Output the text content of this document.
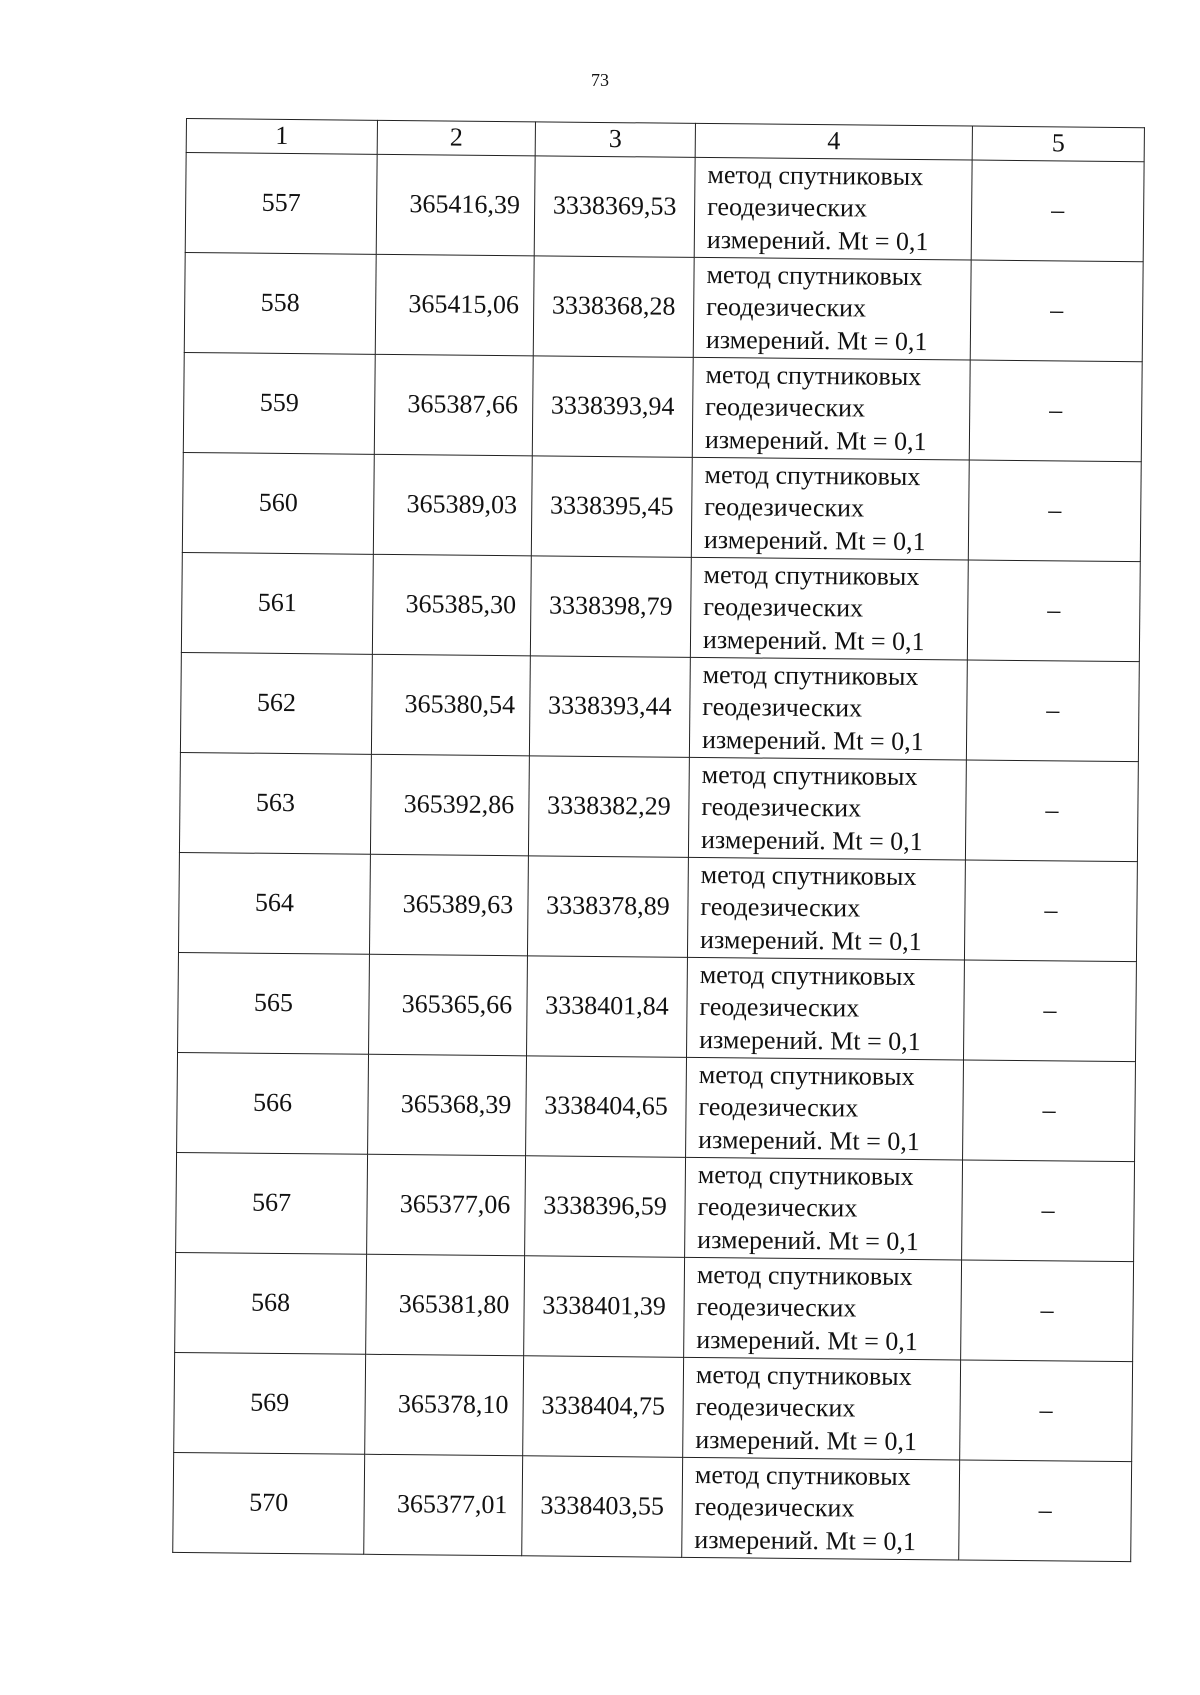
73
1	2	3	4	5
557	365416,39	3338369,53	метод спутниковых
геодезических
измерений. Mt = 0,1	–
558	365415,06	3338368,28	метод спутниковых
геодезических
измерений. Mt = 0,1	–
559	365387,66	3338393,94	метод спутниковых
геодезических
измерений. Mt = 0,1	–
560	365389,03	3338395,45	метод спутниковых
геодезических
измерений. Mt = 0,1	–
561	365385,30	3338398,79	метод спутниковых
геодезических
измерений. Mt = 0,1	–
562	365380,54	3338393,44	метод спутниковых
геодезических
измерений. Mt = 0,1	–
563	365392,86	3338382,29	метод спутниковых
геодезических
измерений. Mt = 0,1	–
564	365389,63	3338378,89	метод спутниковых
геодезических
измерений. Mt = 0,1	–
565	365365,66	3338401,84	метод спутниковых
геодезических
измерений. Mt = 0,1	–
566	365368,39	3338404,65	метод спутниковых
геодезических
измерений. Mt = 0,1	–
567	365377,06	3338396,59	метод спутниковых
геодезических
измерений. Mt = 0,1	–
568	365381,80	3338401,39	метод спутниковых
геодезических
измерений. Mt = 0,1	–
569	365378,10	3338404,75	метод спутниковых
геодезических
измерений. Mt = 0,1	–
570	365377,01	3338403,55	метод спутниковых
геодезических
измерений. Mt = 0,1	–
